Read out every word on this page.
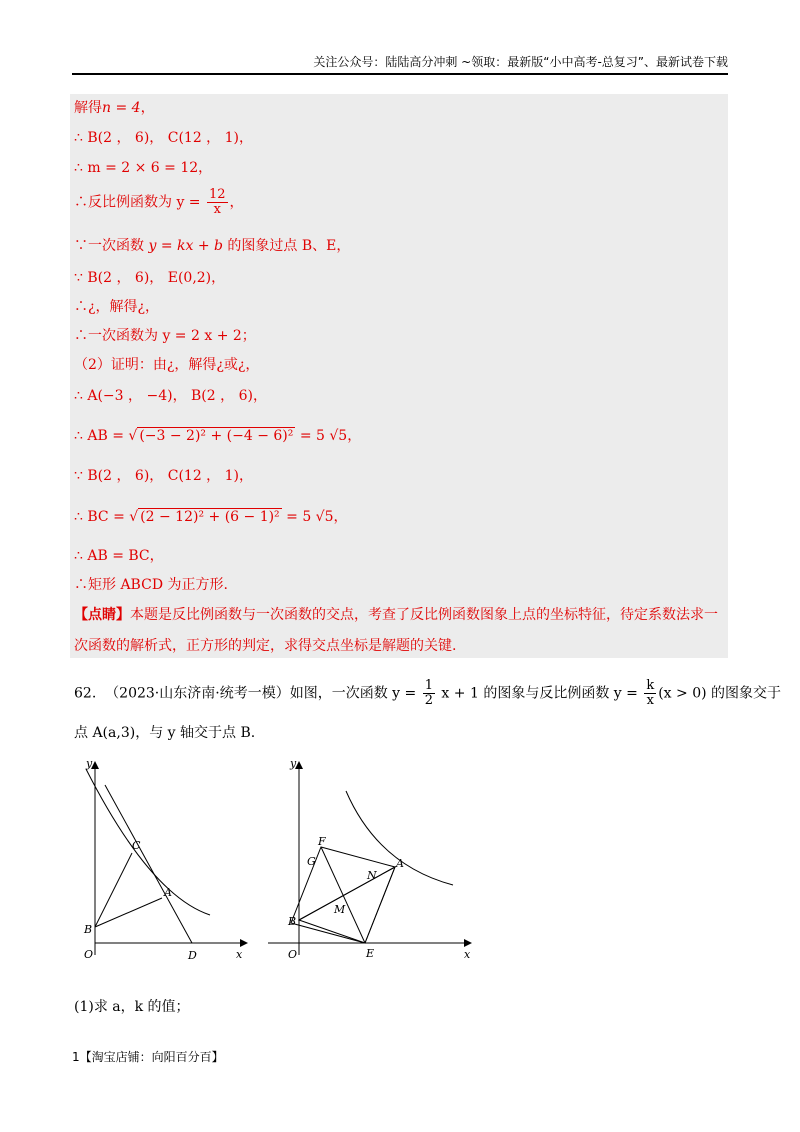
关注公众号：陆陆高分冲刺 ~领取：最新版“小中高考-总复习”、最新试卷下载
解得n = 4，
∴ B(2 ， 6)， C(12 ， 1)，
∴ m = 2 × 6 = 12，
∴反比例函数为 $y = \frac{12}{x}$ ，
∵一次函数 y = kx + b 的图象过点 B、E，
∵ B(2 ， 6)， E(0,2)，
∴¿，解得¿，
∴一次函数为 y = 2 x + 2；
（2）证明：由¿，解得¿或¿，
∴ A(−3 ， −4)， B(2 ， 6)，
∴ AB = √ (−3 − 2)² + (−4 − 6)² = 5 √5，
∵ B(2 ， 6)， C(12 ， 1)，
∴ BC = √ (2 − 12)² + (6 − 1)² = 5 √5，
∴ AB = BC，
∴矩形 ABCD 为正方形.
【点睛】本题是反比例函数与一次函数的交点，考查了反比例函数图象上点的坐标特征，待定系数法求一次函数的解析式，正方形的判定，求得交点坐标是解题的关键.
62. （2023·山东济南·统考一模）如图，一次函数 $y = \frac{1}{2}$ x + 1 的图象与反比例函数 $y = \frac{k}{x} (x > 0)$ 的图象交于
点 A(a,3)，与 y 轴交于点 B.
y
x
O
B
C
A
D
y
x
O
B
E
A
F
G
N
M
(1)求 a，k 的值；
1【淘宝店铺：向阳百分百】
